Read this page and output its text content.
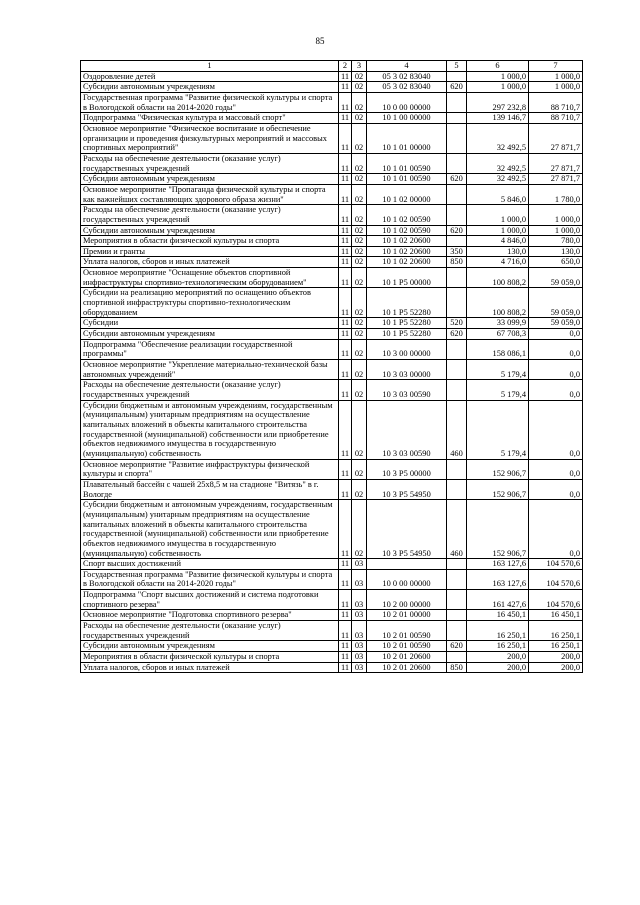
85
1	2	3	4	5	6	7
Оздоровление детей	11	02	05 3 02 83040		1 000,0	1 000,0
Субсидии автономным учреждениям	11	02	05 3 02 83040	620	1 000,0	1 000,0
Государственная программа "Развитие физической культуры и спорта в Вологодской области на 2014-2020 годы"	11	02	10 0 00 00000		297 232,8	88 710,7
Подпрограмма "Физическая культура и массовый спорт"	11	02	10 1 00 00000		139 146,7	88 710,7
Основное мероприятие "Физическое воспитание и обеспечение организации и проведения физкультурных мероприятий и массовых спортивных мероприятий"	11	02	10 1 01 00000		32 492,5	27 871,7
Расходы на обеспечение деятельности (оказание услуг) государственных учреждений	11	02	10 1 01 00590		32 492,5	27 871,7
Субсидии автономным учреждениям	11	02	10 1 01 00590	620	32 492,5	27 871,7
Основное мероприятие "Пропаганда физической культуры и спорта как важнейших составляющих здорового образа жизни"	11	02	10 1 02 00000		5 846,0	1 780,0
Расходы на обеспечение деятельности (оказание услуг) государственных учреждений	11	02	10 1 02 00590		1 000,0	1 000,0
Субсидии автономным учреждениям	11	02	10 1 02 00590	620	1 000,0	1 000,0
Мероприятия в области физической культуры и спорта	11	02	10 1 02 20600		4 846,0	780,0
Премии и гранты	11	02	10 1 02 20600	350	130,0	130,0
Уплата налогов, сборов и иных платежей	11	02	10 1 02 20600	850	4 716,0	650,0
Основное мероприятие "Оснащение объектов спортивной инфраструктуры спортивно-технологическим оборудованием"	11	02	10 1 P5 00000		100 808,2	59 059,0
Субсидии на реализацию мероприятий по оснащению объектов спортивной инфраструктуры спортивно-технологическим оборудованием	11	02	10 1 P5 52280		100 808,2	59 059,0
Субсидии	11	02	10 1 P5 52280	520	33 099,9	59 059,0
Субсидии автономным учреждениям	11	02	10 1 P5 52280	620	67 708,3	0,0
Подпрограмма "Обеспечение реализации государственной программы"	11	02	10 3 00 00000		158 086,1	0,0
Основное мероприятие "Укрепление материально-технической базы автономных учреждений"	11	02	10 3 03 00000		5 179,4	0,0
Расходы на обеспечение деятельности (оказание услуг) государственных учреждений	11	02	10 3 03 00590		5 179,4	0,0
Субсидии бюджетным и автономным учреждениям, государственным (муниципальным) унитарным предприятиям на осуществление капитальных вложений в объекты капитального строительства государственной (муниципальной) собственности или приобретение объектов недвижимого имущества в государственную (муниципальную) собственность	11	02	10 3 03 00590	460	5 179,4	0,0
Основное мероприятие "Развитие инфраструктуры физической культуры и спорта"	11	02	10 3 P5 00000		152 906,7	0,0
Плавательный бассейн с чашей 25х8,5 м на стадионе "Витязь" в г. Вологде	11	02	10 3 P5 54950		152 906,7	0,0
Субсидии бюджетным и автономным учреждениям, государственным (муниципальным) унитарным предприятиям на осуществление капитальных вложений в объекты капитального строительства государственной (муниципальной) собственности или приобретение объектов недвижимого имущества в государственную (муниципальную) собственность	11	02	10 3 P5 54950	460	152 906,7	0,0
Спорт высших достижений	11	03			163 127,6	104 570,6
Государственная программа "Развитие физической культуры и спорта в Вологодской области на 2014-2020 годы"	11	03	10 0 00 00000		163 127,6	104 570,6
Подпрограмма "Спорт высших достижений и система подготовки спортивного резерва"	11	03	10 2 00 00000		161 427,6	104 570,6
Основное мероприятие "Подготовка спортивного резерва"	11	03	10 2 01 00000		16 450,1	16 450,1
Расходы на обеспечение деятельности (оказание услуг) государственных учреждений	11	03	10 2 01 00590		16 250,1	16 250,1
Субсидии автономным учреждениям	11	03	10 2 01 00590	620	16 250,1	16 250,1
Мероприятия в области физической культуры и спорта	11	03	10 2 01 20600		200,0	200,0
Уплата налогов, сборов и иных платежей	11	03	10 2 01 20600	850	200,0	200,0
